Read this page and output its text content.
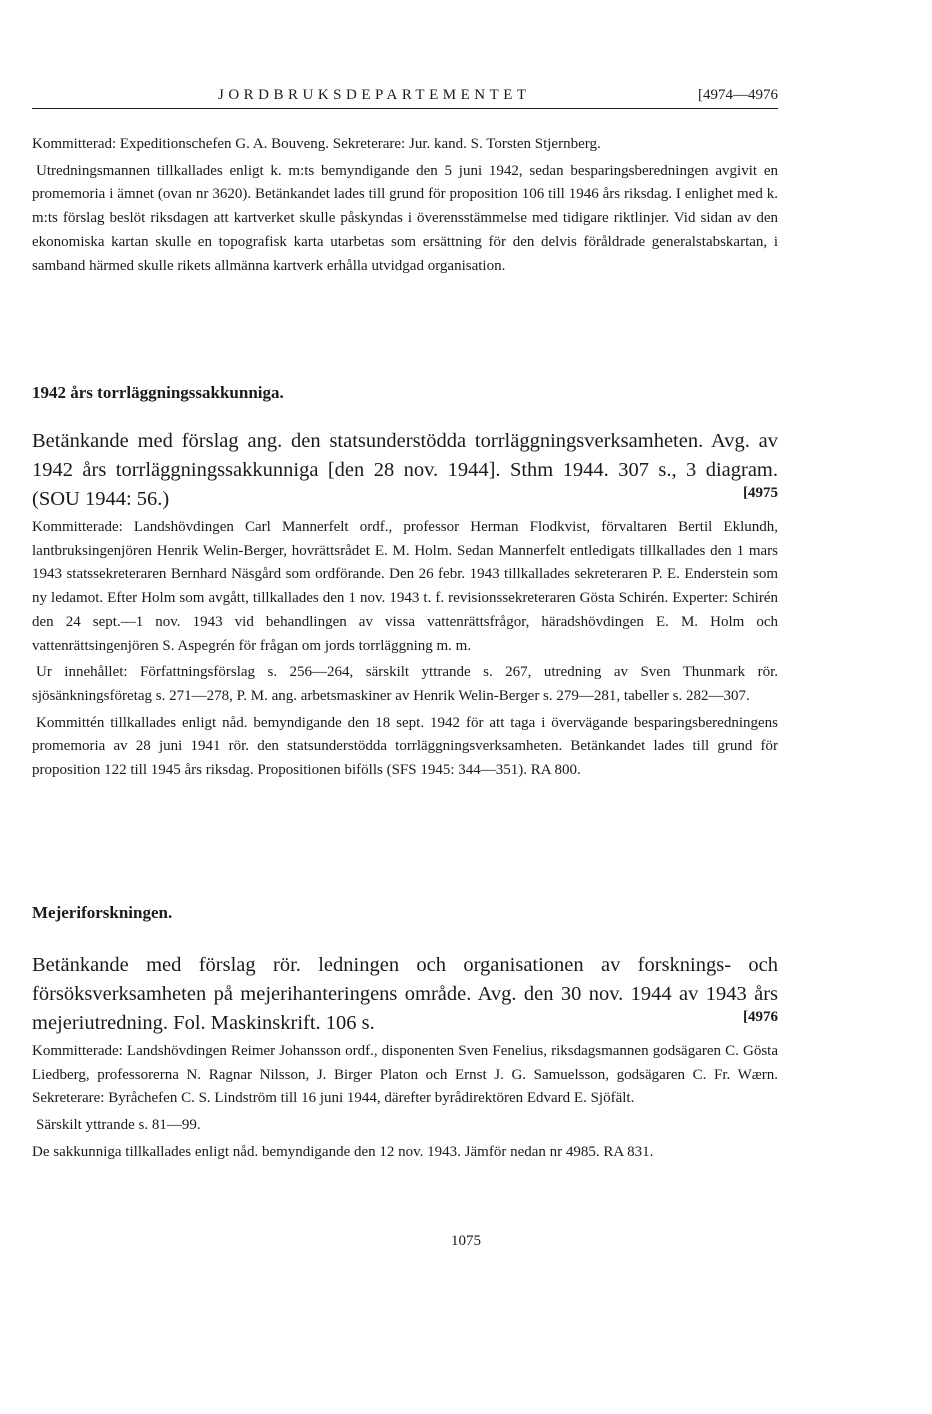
JORDBRUKSDEPARTEMENTET	[4974—4976

Kommitterad: Expeditionschefen G. A. Bouveng. Sekreterare: Jur. kand. S. Torsten Stjernberg.

Utredningsmannen tillkallades enligt k. m:ts bemyndigande den 5 juni 1942, sedan besparingsberedningen avgivit en promemoria i ämnet (ovan nr 3620). Betänkandet lades till grund för proposition 106 till 1946 års riksdag. I enlighet med k. m:ts förslag beslöt riksdagen att kartverket skulle påskyndas i överensstämmelse med tidigare riktlinjer. Vid sidan av den ekonomiska kartan skulle en topografisk karta utarbetas som ersättning för den delvis föråldrade generalstabskartan, i samband härmed skulle rikets allmänna kartverk erhålla utvidgad organisation.

1942 års torrläggningssakkunniga.

Betänkande med förslag ang. den statsunderstödda torrläggningsverksamheten. Avg. av 1942 års torrläggningssakkunniga [den 28 nov. 1944]. Sthm 1944. 307 s., 3 diagram. (SOU 1944: 56.)	[4975

Kommitterade: Landshövdingen Carl Mannerfelt ordf., professor Herman Flodkvist, förvaltaren Bertil Eklundh, lantbruksingenjören Henrik Welin-Berger, hovrättsrådet E. M. Holm. Sedan Mannerfelt entledigats tillkallades den 1 mars 1943 statssekreteraren Bernhard Näsgård som ordförande. Den 26 febr. 1943 tillkallades sekreteraren P. E. Enderstein som ny ledamot. Efter Holm som avgått, tillkallades den 1 nov. 1943 t. f. revisionssekreteraren Gösta Schirén. Experter: Schirén den 24 sept.—1 nov. 1943 vid behandlingen av vissa vattenrättsfrågor, häradshövdingen E. M. Holm och vattenrättsingenjören S. Aspegrén för frågan om jords torrläggning m. m.

Ur innehållet: Författningsförslag s. 256—264, särskilt yttrande s. 267, utredning av Sven Thunmark rör. sjösänkningsföretag s. 271—278, P. M. ang. arbetsmaskiner av Henrik Welin-Berger s. 279—281, tabeller s. 282—307.

Kommittén tillkallades enligt nåd. bemyndigande den 18 sept. 1942 för att taga i övervägande besparingsberedningens promemoria av 28 juni 1941 rör. den statsunderstödda torrläggningsverksamheten. Betänkandet lades till grund för proposition 122 till 1945 års riksdag. Propositionen bifölls (SFS 1945: 344—351). RA 800.

Mejeriforskningen.

Betänkande med förslag rör. ledningen och organisationen av forsknings- och försöksverksamheten på mejerihanteringens område. Avg. den 30 nov. 1944 av 1943 års mejeriutredning. Fol. Maskinskrift. 106 s.	[4976

Kommitterade: Landshövdingen Reimer Johansson ordf., disponenten Sven Fenelius, riksdagsmannen godsägaren C. Gösta Liedberg, professorerna N. Ragnar Nilsson, J. Birger Platon och Ernst J. G. Samuelsson, godsägaren C. Fr. Wærn. Sekreterare: Byråchefen C. S. Lindström till 16 juni 1944, därefter byrådirektören Edvard E. Sjöfält.

Särskilt yttrande s. 81—99.

De sakkunniga tillkallades enligt nåd. bemyndigande den 12 nov. 1943. Jämför nedan nr 4985. RA 831.

1075
